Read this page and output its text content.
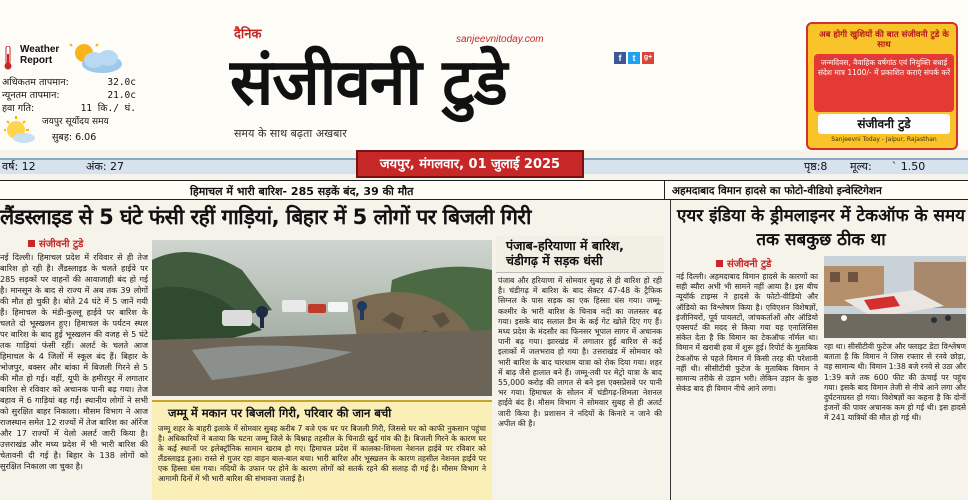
Weather
Report
अधिकतम तापमान:	32.0c
न्यूनतम तापमान:	21.0c
हवा गति:	11 कि./ घं.
जयपुर सूर्योदय समय
सुबह: 6.06
दैनिक	sanjeevnitoday.com
f	t	g+
संजीवनी टुडे
समय के साथ बढ़ता अखबार
अब होगी खुशियों की बात संजीवनी टुडे के साथ
जन्मदिवस, वैवाहिक वर्षगांठ एवं नियुक्ति बधाई संदेश मात्र 1100/- में प्रकाशित कराएं संपर्क करें
संजीवनी टुडे
Sanjeevni Today - Jaipur, Rajasthan
वर्ष: 12	अंक: 27	जयपुर, मंगलवार, 01 जुलाई 2025	पृष्ठ:8 मूल्य: ` 1.50
हिमाचल में भारी बारिश- 285 सड़कें बंद, 39 की मौत	अहमदाबाद विमान हादसे का फोटो-वीडियो इन्वेस्टिगेशन
लैंडस्लाइड से 5 घंटे फंसी रहीं गाड़ियां, बिहार में 5 लोगों पर बिजली गिरी
संजीवनी टुडे
नई दिल्ली। हिमाचल प्रदेश में रविवार से ही तेज बारिश हो रही है। लैंडस्लाइड के चलते हाईवे पर 285 सड़कों पर वाहनों की आवाजाही बंद हो गई है। मानसून के बाद से राज्य में अब तक 39 लोगों की मौत हो चुकी है। बोते 24 घंटे में 5 जानें गयी हैं। हिमाचल के मंडी-कुल्लू हाईवे पर बारिश के चलते दो भूस्खलन हुए। हिमाचल के पर्यटन स्थल पर बारिश के बाद हुई भूस्खलन की वजह से 5 घंटे तक गाड़ियां फंसी रहीं। अलर्ट के चलते आज हिमाचल के 4 जिलों में स्कूल बंद हैं। बिहार के भोजपुर, बक्सर और बांका में बिजली गिरने से 5 की मौत हो गई। वहीं, यूपी के हमीरपुर में लगातार बारिश से रविवार को अचानक पानी बढ़ गया। तेज बहाव में 6 गाड़ियां बह गईं। स्थानीय लोगों ने सभी को सुरक्षित बाहर निकाला। मौसम विभाग ने आज राजस्थान समेत 12 राज्यों में तेज बारिश का ऑरेंज और 17 राज्यों में येलो अलर्ट जारी किया है। उत्तराखंड और मध्य प्रदेश में भी भारी बारिश की चेतावनी दी गई है। बिहार के 138 लोगों को सुरक्षित निकाला जा चुका है।
जम्मू में मकान पर बिजली गिरी, परिवार की जान बची
जम्मू शहर के बाहरी इलाके में सोमवार सुबह करीब 7 बजे एक घर पर बिजली गिरी, जिससे घर को काफी नुकसान पहुंचा है। अधिकारियों ने बताया कि घटना जम्मू जिले के बिश्नाह तहसील के चिनाठी खुर्द गांव की है। बिजली गिरने के कारण घर के कई स्थानों पर इलेक्ट्रॉनिक सामान खराब हो गए। हिमाचल प्रदेश में कालका-शिमला नेशनल हाईवे पर रविवार को लैंडस्लाइड हुआ। रास्ते से गुजर रहा वाहन बाल-बाल बचा। भारी बारिश और भूस्खलन के कारण तहसील नेशनल हाईवे पर एक हिस्सा धंस गया। नदियों के उफान पर होने के कारण लोगों को सतर्क रहने की सलाह दी गई है। मौसम विभाग ने आगामी दिनों में भी भारी बारिश की संभावना जताई है।
पंजाब-हरियाणा में बारिश, चंडीगढ़ में सड़क धंसी
पंजाब और हरियाणा में सोमवार सुबह से ही बारिश हो रही है। चंडीगढ़ में बारिश के बाद सेक्टर 47-48 के ट्रैफिक सिग्नल के पास सड़क का एक हिस्सा धंस गया। जम्मू-कश्मीर के भारी बारिश के चिनाब नदी का जलस्तर बढ़ गया। इसके बाद सलाल डैम के कई गेट खोले दिए गए हैं। मध्य प्रदेश के मंदसौर का फिनसर भूपाल सागर में अचानक पानी बढ़ गया। झारखंड में लगातार हुई बारिश से कई इलाकों में जलभराव हो गया है। उत्तराखंड में सोमवार को भारी बारिश के बाद चारधाम यात्रा को रोक दिया गया। शहर में बाढ़ जैसे हालात बने हैं। जम्मू-तवी पर मेट्रो यात्रा के बाद 55,000 करोड़ की लागत से बने इस एक्सप्रेसवे पर पानी भर गया। हिमाचल के सोलन में चंडीगढ़-शिमला नेशनल हाईवे बंद है। मौसम विभाग ने सोमवार सुबह से ही अलर्ट जारी किया है। प्रशासन ने नदियों के किनारे न जाने की अपील की है।
एयर इंडिया के ड्रीमलाइनर में टेकऑफ के समय तक सबकुछ ठीक था
संजीवनी टुडे
नई दिल्ली। अहमदाबाद विमान हादसे के कारणों का सही ब्यौरा अभी भी सामने नहीं आया है। इस बीच न्यूयॉर्क टाइम्स ने हादसे के फोटो-वीडियो और ऑडियो का विश्लेषण किया है। एविएशन विशेषज्ञों, इंजीनियरों, पूर्व पायलटों, जांचकर्ताओं और ऑडियो एक्सपर्ट की मदद से किया गया यह एनालिसिस संकेत देता है कि विमान का टेकऑफ नॉर्मल था। विमान में खराबी हवा में शुरू हुई। रिपोर्ट के मुताबिक टेकऑफ से पहले विमान में किसी तरह की परेशानी नहीं थी। सीसीटीवी फुटेज के मुताबिक विमान ने सामान्य तरीके से उड़ान भरी। लेकिन उड़ान के कुछ सेकंड बाद ही विमान नीचे आने लगा।
रहा था। सीसीटीवी फुटेज और फ्लाइट डेटा विश्लेषण बताता है कि विमान ने जिस रफ्तार से रनवे छोड़ा, वह सामान्य थी। विमान 1:38 बजे रनवे से उठा और 1:39 बजे तक 600 फीट की ऊंचाई पर पहुंच गया। इसके बाद विमान तेजी से नीचे आने लगा और दुर्घटनाग्रस्त हो गया। विशेषज्ञों का कहना है कि दोनों इंजनों की पावर अचानक कम हो गई थी। इस हादसे में 241 यात्रियों की मौत हो गई थी।
